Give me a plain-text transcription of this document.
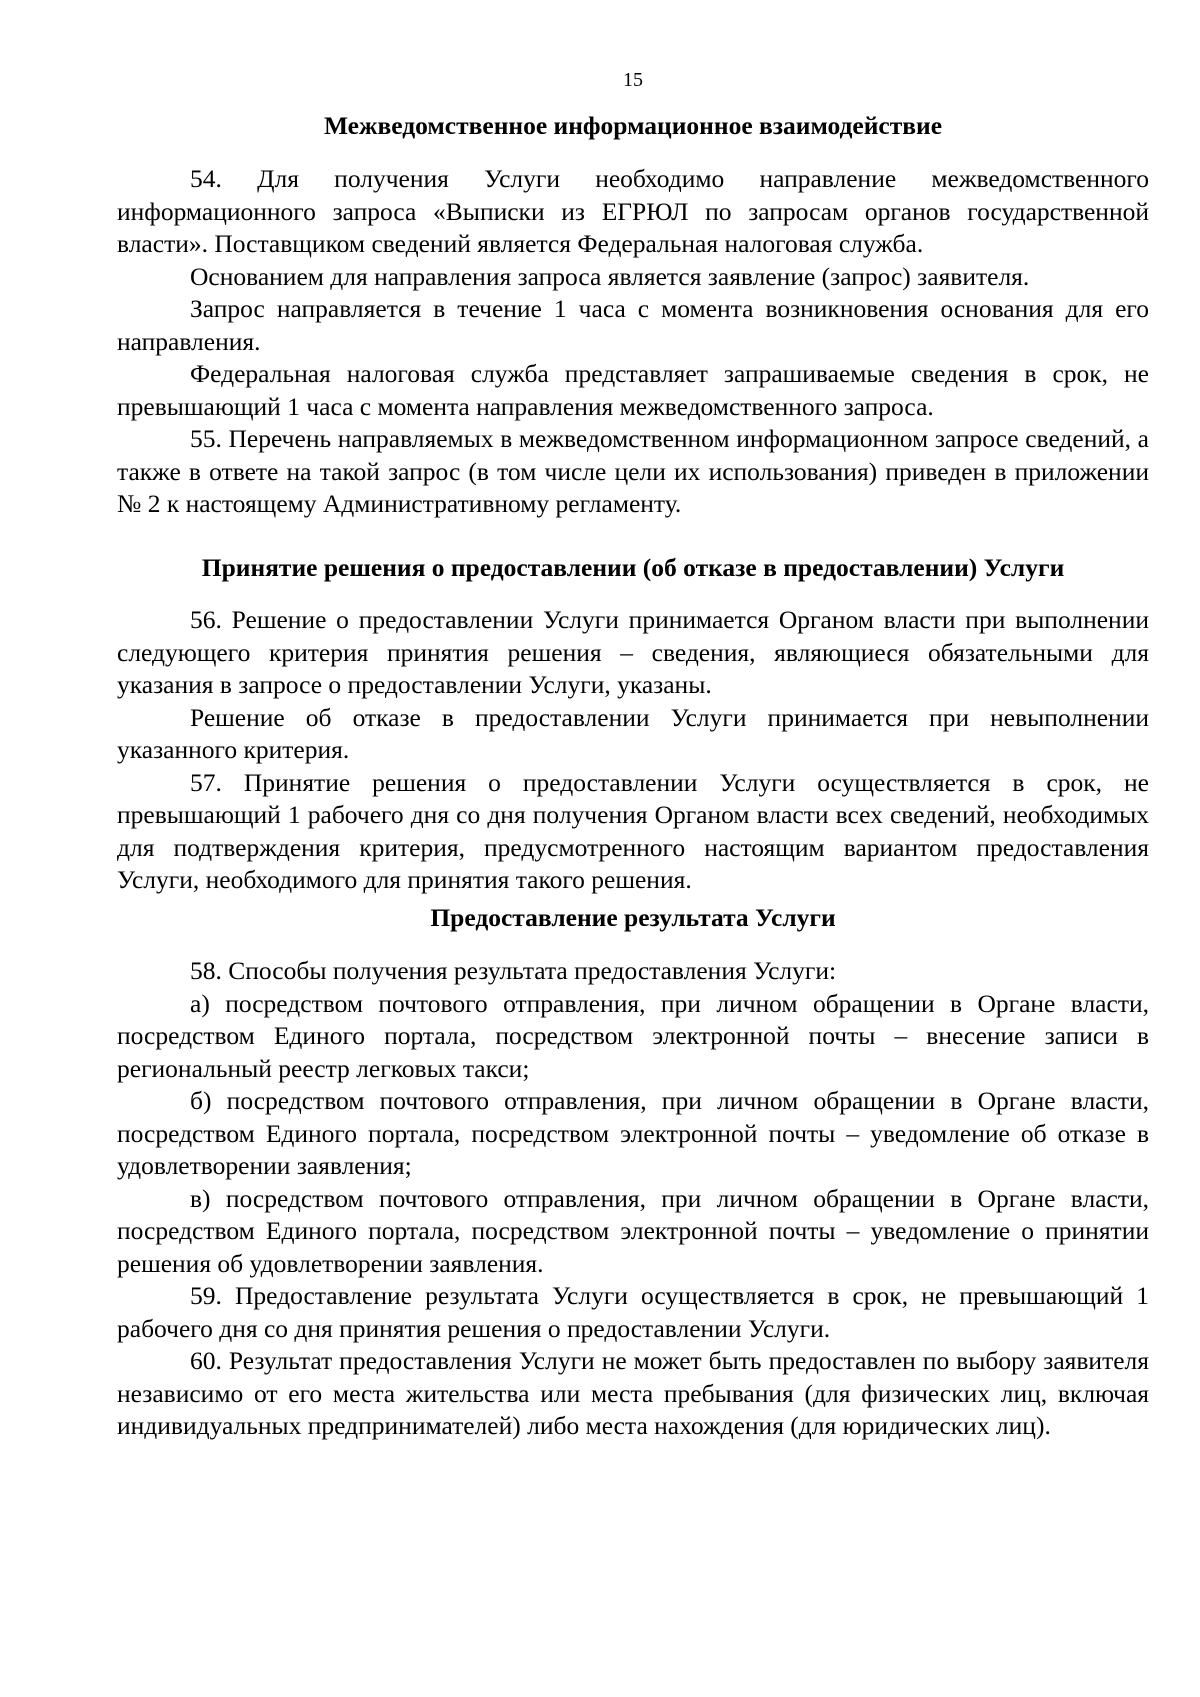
15
Межведомственное информационное взаимодействие

54. Для получения Услуги необходимо направление межведомственного информационного запроса «Выписки из ЕГРЮЛ по запросам органов государственной власти». Поставщиком сведений является Федеральная налоговая служба.

Основанием для направления запроса является заявление (запрос) заявителя.

Запрос направляется в течение 1 часа с момента возникновения основания для его направления.

Федеральная налоговая служба представляет запрашиваемые сведения в срок, не превышающий 1 часа с момента направления межведомственного запроса.

55. Перечень направляемых в межведомственном информационном запросе сведений, а также в ответе на такой запрос (в том числе цели их использования) приведен в приложении № 2 к настоящему Административному регламенту.

Принятие решения о предоставлении (об отказе в предоставлении) Услуги

56. Решение о предоставлении Услуги принимается Органом власти при выполнении следующего критерия принятия решения – сведения, являющиеся обязательными для указания в запросе о предоставлении Услуги, указаны.

Решение об отказе в предоставлении Услуги принимается при невыполнении указанного критерия.

57. Принятие решения о предоставлении Услуги осуществляется в срок, не превышающий 1 рабочего дня со дня получения Органом власти всех сведений, необходимых для подтверждения критерия, предусмотренного настоящим вариантом предоставления Услуги, необходимого для принятия такого решения.

Предоставление результата Услуги

58. Способы получения результата предоставления Услуги:

а) посредством почтового отправления, при личном обращении в Органе власти, посредством Единого портала, посредством электронной почты – внесение записи в региональный реестр легковых такси;

б) посредством почтового отправления, при личном обращении в Органе власти, посредством Единого портала, посредством электронной почты – уведомление об отказе в удовлетворении заявления;

в) посредством почтового отправления, при личном обращении в Органе власти, посредством Единого портала, посредством электронной почты – уведомление о принятии решения об удовлетворении заявления.

59. Предоставление результата Услуги осуществляется в срок, не превышающий 1 рабочего дня со дня принятия решения о предоставлении Услуги.

60. Результат предоставления Услуги не может быть предоставлен по выбору заявителя независимо от его места жительства или места пребывания (для физических лиц, включая индивидуальных предпринимателей) либо места нахождения (для юридических лиц).
